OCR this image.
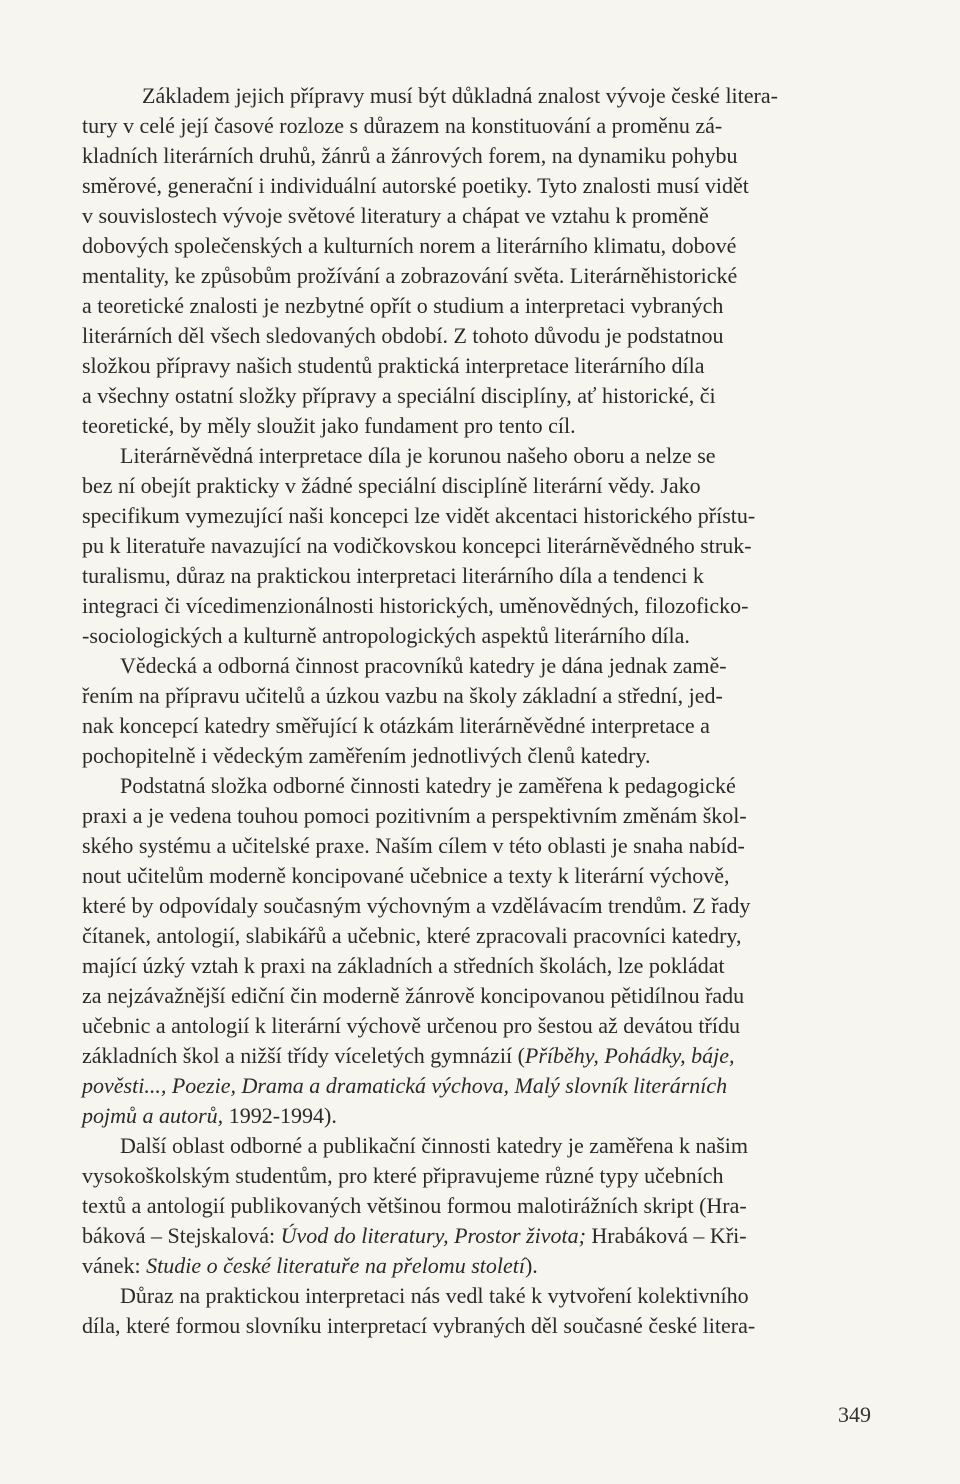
Základem jejich přípravy musí být důkladná znalost vývoje české litera-
tury v celé její časové rozloze s důrazem na konstituování a proměnu zá-
kladních literárních druhů, žánrů a žánrových forem, na dynamiku pohybu
směrové, generační i individuální autorské poetiky. Tyto znalosti musí vidět
v souvislostech vývoje světové literatury a chápat ve vztahu k proměně
dobových společenských a kulturních norem a literárního klimatu, dobové
mentality, ke způsobům prožívání a zobrazování světa. Literárněhistorické
a teoretické znalosti je nezbytné opřít o studium a interpretaci vybraných
literárních děl všech sledovaných období. Z tohoto důvodu je podstatnou
složkou přípravy našich studentů praktická interpretace literárního díla
a všechny ostatní složky přípravy a speciální disciplíny, ať historické, či
teoretické, by měly sloužit jako fundament pro tento cíl.
Literárněvědná interpretace díla je korunou našeho oboru a nelze se
bez ní obejít prakticky v žádné speciální disciplíně literární vědy. Jako
specifikum vymezující naši koncepci lze vidět akcentaci historického přístu-
pu k literatuře navazující na vodičkovskou koncepci literárněvědného struk-
turalismu, důraz na praktickou interpretaci literárního díla a tendenci k
integraci či vícedimenzionálnosti historických, uměnovědných, filozoficko-
-sociologických a kulturně antropologických aspektů literárního díla.
Vědecká a odborná činnost pracovníků katedry je dána jednak zamě-
řením na přípravu učitelů a úzkou vazbu na školy základní a střední, jed-
nak koncepcí katedry směřující k otázkám literárněvědné interpretace a
pochopitelně i vědeckým zaměřením jednotlivých členů katedry.
Podstatná složka odborné činnosti katedry je zaměřena k pedagogické
praxi a je vedena touhou pomoci pozitivním a perspektivním změnám škol-
ského systému a učitelské praxe. Naším cílem v této oblasti je snaha nabíd-
nout učitelům moderně koncipované učebnice a texty k literární výchově,
které by odpovídaly současným výchovným a vzdělávacím trendům. Z řady
čítanek, antologií, slabikářů a učebnic, které zpracovali pracovníci katedry,
mající úzký vztah k praxi na základních a středních školách, lze pokládat
za nejzávažnější ediční čin moderně žánrově koncipovanou pětidílnou řadu
učebnic a antologií k literární výchově určenou pro šestou až devátou třídu
základních škol a nižší třídy víceletých gymnázií (Příběhy, Pohádky, báje,
pověsti..., Poezie, Drama a dramatická výchova, Malý slovník literárních
pojmů a autorů, 1992-1994).
Další oblast odborné a publikační činnosti katedry je zaměřena k našim
vysokoškolským studentům, pro které připravujeme různé typy učebních
textů a antologií publikovaných většinou formou malotirážních skript (Hra-
báková – Stejskalová: Úvod do literatury, Prostor života; Hrabáková – Kři-
vánek: Studie o české literatuře na přelomu století).
Důraz na praktickou interpretaci nás vedl také k vytvoření kolektivního
díla, které formou slovníku interpretací vybraných děl současné české litera-
349
